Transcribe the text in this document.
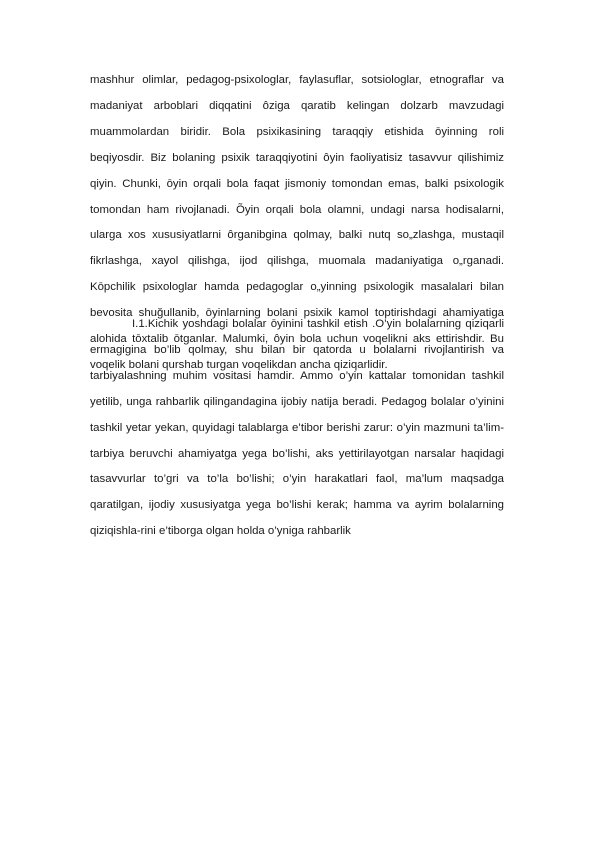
mashhur olimlar, pedagog-psixologlar, faylasuflar, sotsiologlar, etnograflar va madaniyat arboblari diqqatini ôziga qaratib kelingan dolzarb mavzudagi muammolardan biridir. Bola psixikasining taraqqiy etishida ōyinning roli beqiyosdir. Biz bolaning psixik taraqqiyotini ôyin faoliyatisiz tasavvur qilishimiz qiyin. Chunki, ōyin orqali bola faqat jismoniy tomondan emas, balki psixologik tomondan ham rivojlanadi. Õyin orqali bola olamni, undagi narsa hodisalarni, ularga xos xususiyatlarni ôrganibgina qolmay, balki nutq so„zlashga, mustaqil fikrlashga, xayol qilishga, ijod qilishga, muomala madaniyatiga o„rganadi. Kōpchilik psixologlar hamda pedagoglar o„yinning psixologik masalalari bilan bevosita shuğullanib, ōyinlarning bolani psixik kamol toptirishdagi ahamiyatiga alohida tōxtalib ōtganlar. Malumki, ôyin bola uchun voqelikni aks ettirishdir. Bu voqelik bolani qurshab turgan voqelikdan ancha qiziqarlidir.

I.1.Kichik yoshdagi bolalar ōyinini tashkil etish .O’yin bolalarning qiziqarli ermagigina bo’lib qolmay, shu bilan bir qatorda u bolalarni rivojlantirish va tarbiyalashning muhim vositasi hamdir. Ammo o’yin kattalar tomonidan tashkil yetilib, unga rahbarlik qilingandagina ijobiy natija beradi. Pedagog bolalar o’yinini tashkil yetar yekan, quyidagi talablarga e’tibor berishi zarur: o’yin mazmuni ta’lim-tarbiya beruvchi ahamiyatga yega bo’lishi, aks yettirilayotgan narsalar haqidagi tasavvurlar to’gri va to’la bo’lishi; o’yin harakatlari faol, ma’lum maqsadga qaratilgan, ijodiy xususiyatga yega bo’lishi kerak; hamma va ayrim bolalarning qiziqishla-rini e’tiborga olgan holda o’yniga rahbarlik
